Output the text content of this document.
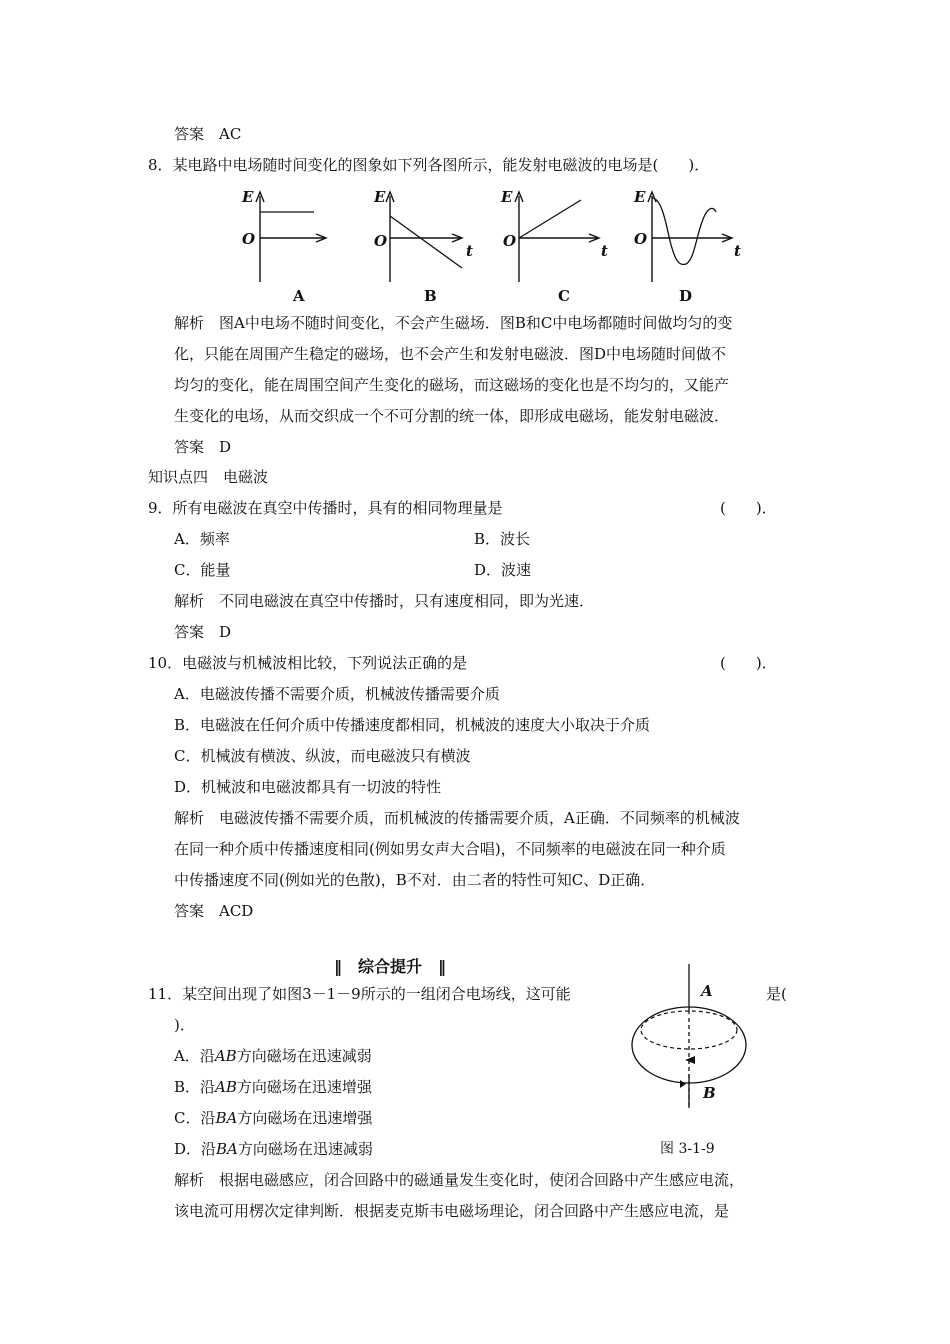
答案　AC
8．某电路中电场随时间变化的图象如下列各图所示，能发射电磁波的电场是(　　)．
E
O
A
E
O
t
B
E
O
t
C
E
O
t
D
解析　图A中电场不随时间变化，不会产生磁场．图B和C中电场都随时间做均匀的变
化，只能在周围产生稳定的磁场，也不会产生和发射电磁波．图D中电场随时间做不
均匀的变化，能在周围空间产生变化的磁场，而这磁场的变化也是不均匀的，又能产
生变化的电场，从而交织成一个不可分割的统一体，即形成电磁场，能发射电磁波．
答案　D
知识点四　电磁波
9．所有电磁波在真空中传播时，具有的相同物理量是	(　　)．
A．频率	B．波长
C．能量	D．波速
解析　不同电磁波在真空中传播时，只有速度相同，即为光速．
答案　D
10．电磁波与机械波相比较，下列说法正确的是	(　　)．
A．电磁波传播不需要介质，机械波传播需要介质
B．电磁波在任何介质中传播速度都相同，机械波的速度大小取决于介质
C．机械波有横波、纵波，而电磁波只有横波
D．机械波和电磁波都具有一切波的特性
解析　电磁波传播不需要介质，而机械波的传播需要介质，A正确．不同频率的机械波
在同一种介质中传播速度相同(例如男女声大合唱)，不同频率的电磁波在同一种介质
中传播速度不同(例如光的色散)，B不对．由二者的特性可知C、D正确．
答案　ACD
‖　综合提升　‖
11．某空间出现了如图3－1－9所示的一组闭合电场线，这可能	是(
)．
A．沿AB方向磁场在迅速减弱
B．沿AB方向磁场在迅速增强
C．沿BA方向磁场在迅速增强
D．沿BA方向磁场在迅速减弱
A
B
图 3-1-9
解析　根据电磁感应，闭合回路中的磁通量发生变化时，使闭合回路中产生感应电流，
该电流可用楞次定律判断．根据麦克斯韦电磁场理论，闭合回路中产生感应电流，是
